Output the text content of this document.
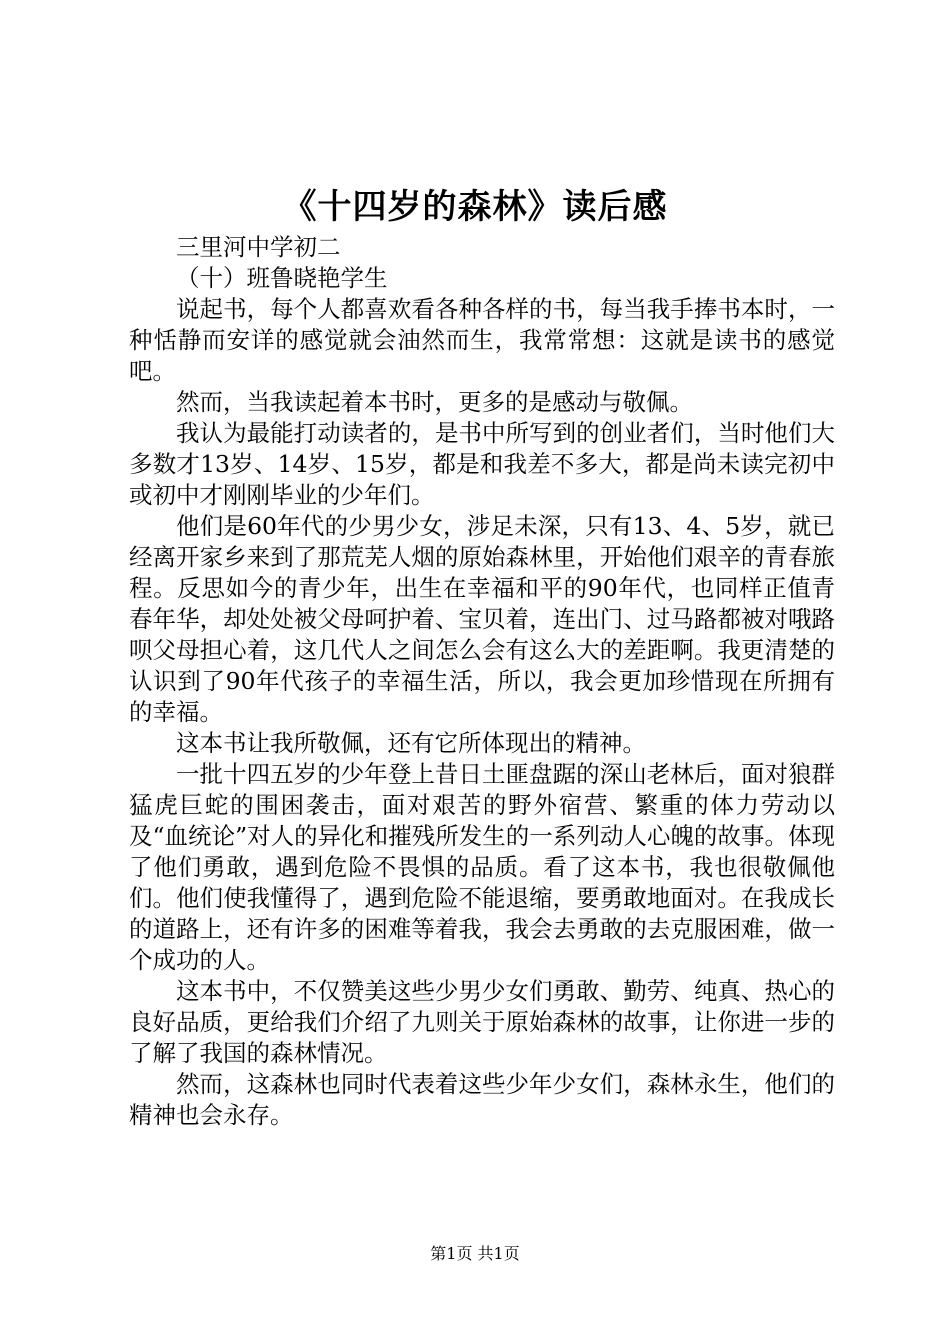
《十四岁的森林》读后感

三里河中学初二

（十）班鲁晓艳学生

说起书，每个人都喜欢看各种各样的书，每当我手捧书本时，一种恬静而安详的感觉就会油然而生，我常常想：这就是读书的感觉吧。

然而，当我读起着本书时，更多的是感动与敬佩。

我认为最能打动读者的，是书中所写到的创业者们，当时他们大多数才13岁、14岁、15岁，都是和我差不多大，都是尚未读完初中或初中才刚刚毕业的少年们。

他们是60年代的少男少女，涉足未深，只有13、4、5岁，就已经离开家乡来到了那荒芜人烟的原始森林里，开始他们艰辛的青春旅程。反思如今的青少年，出生在幸福和平的90年代，也同样正值青春年华，却处处被父母呵护着、宝贝着，连出门、过马路都被对哦路呗父母担心着，这几代人之间怎么会有这么大的差距啊。我更清楚的认识到了90年代孩子的幸福生活，所以，我会更加珍惜现在所拥有的幸福。

这本书让我所敬佩，还有它所体现出的精神。

一批十四五岁的少年登上昔日土匪盘踞的深山老林后，面对狼群猛虎巨蛇的围困袭击，面对艰苦的野外宿营、繁重的体力劳动以及“血统论”对人的异化和摧残所发生的一系列动人心魄的故事。体现了他们勇敢，遇到危险不畏惧的品质。看了这本书，我也很敬佩他们。他们使我懂得了，遇到危险不能退缩，要勇敢地面对。在我成长的道路上，还有许多的困难等着我，我会去勇敢的去克服困难，做一个成功的人。

这本书中，不仅赞美这些少男少女们勇敢、勤劳、纯真、热心的良好品质，更给我们介绍了九则关于原始森林的故事，让你进一步的了解了我国的森林情况。

然而，这森林也同时代表着这些少年少女们，森林永生，他们的精神也会永存。

第1页 共1页
